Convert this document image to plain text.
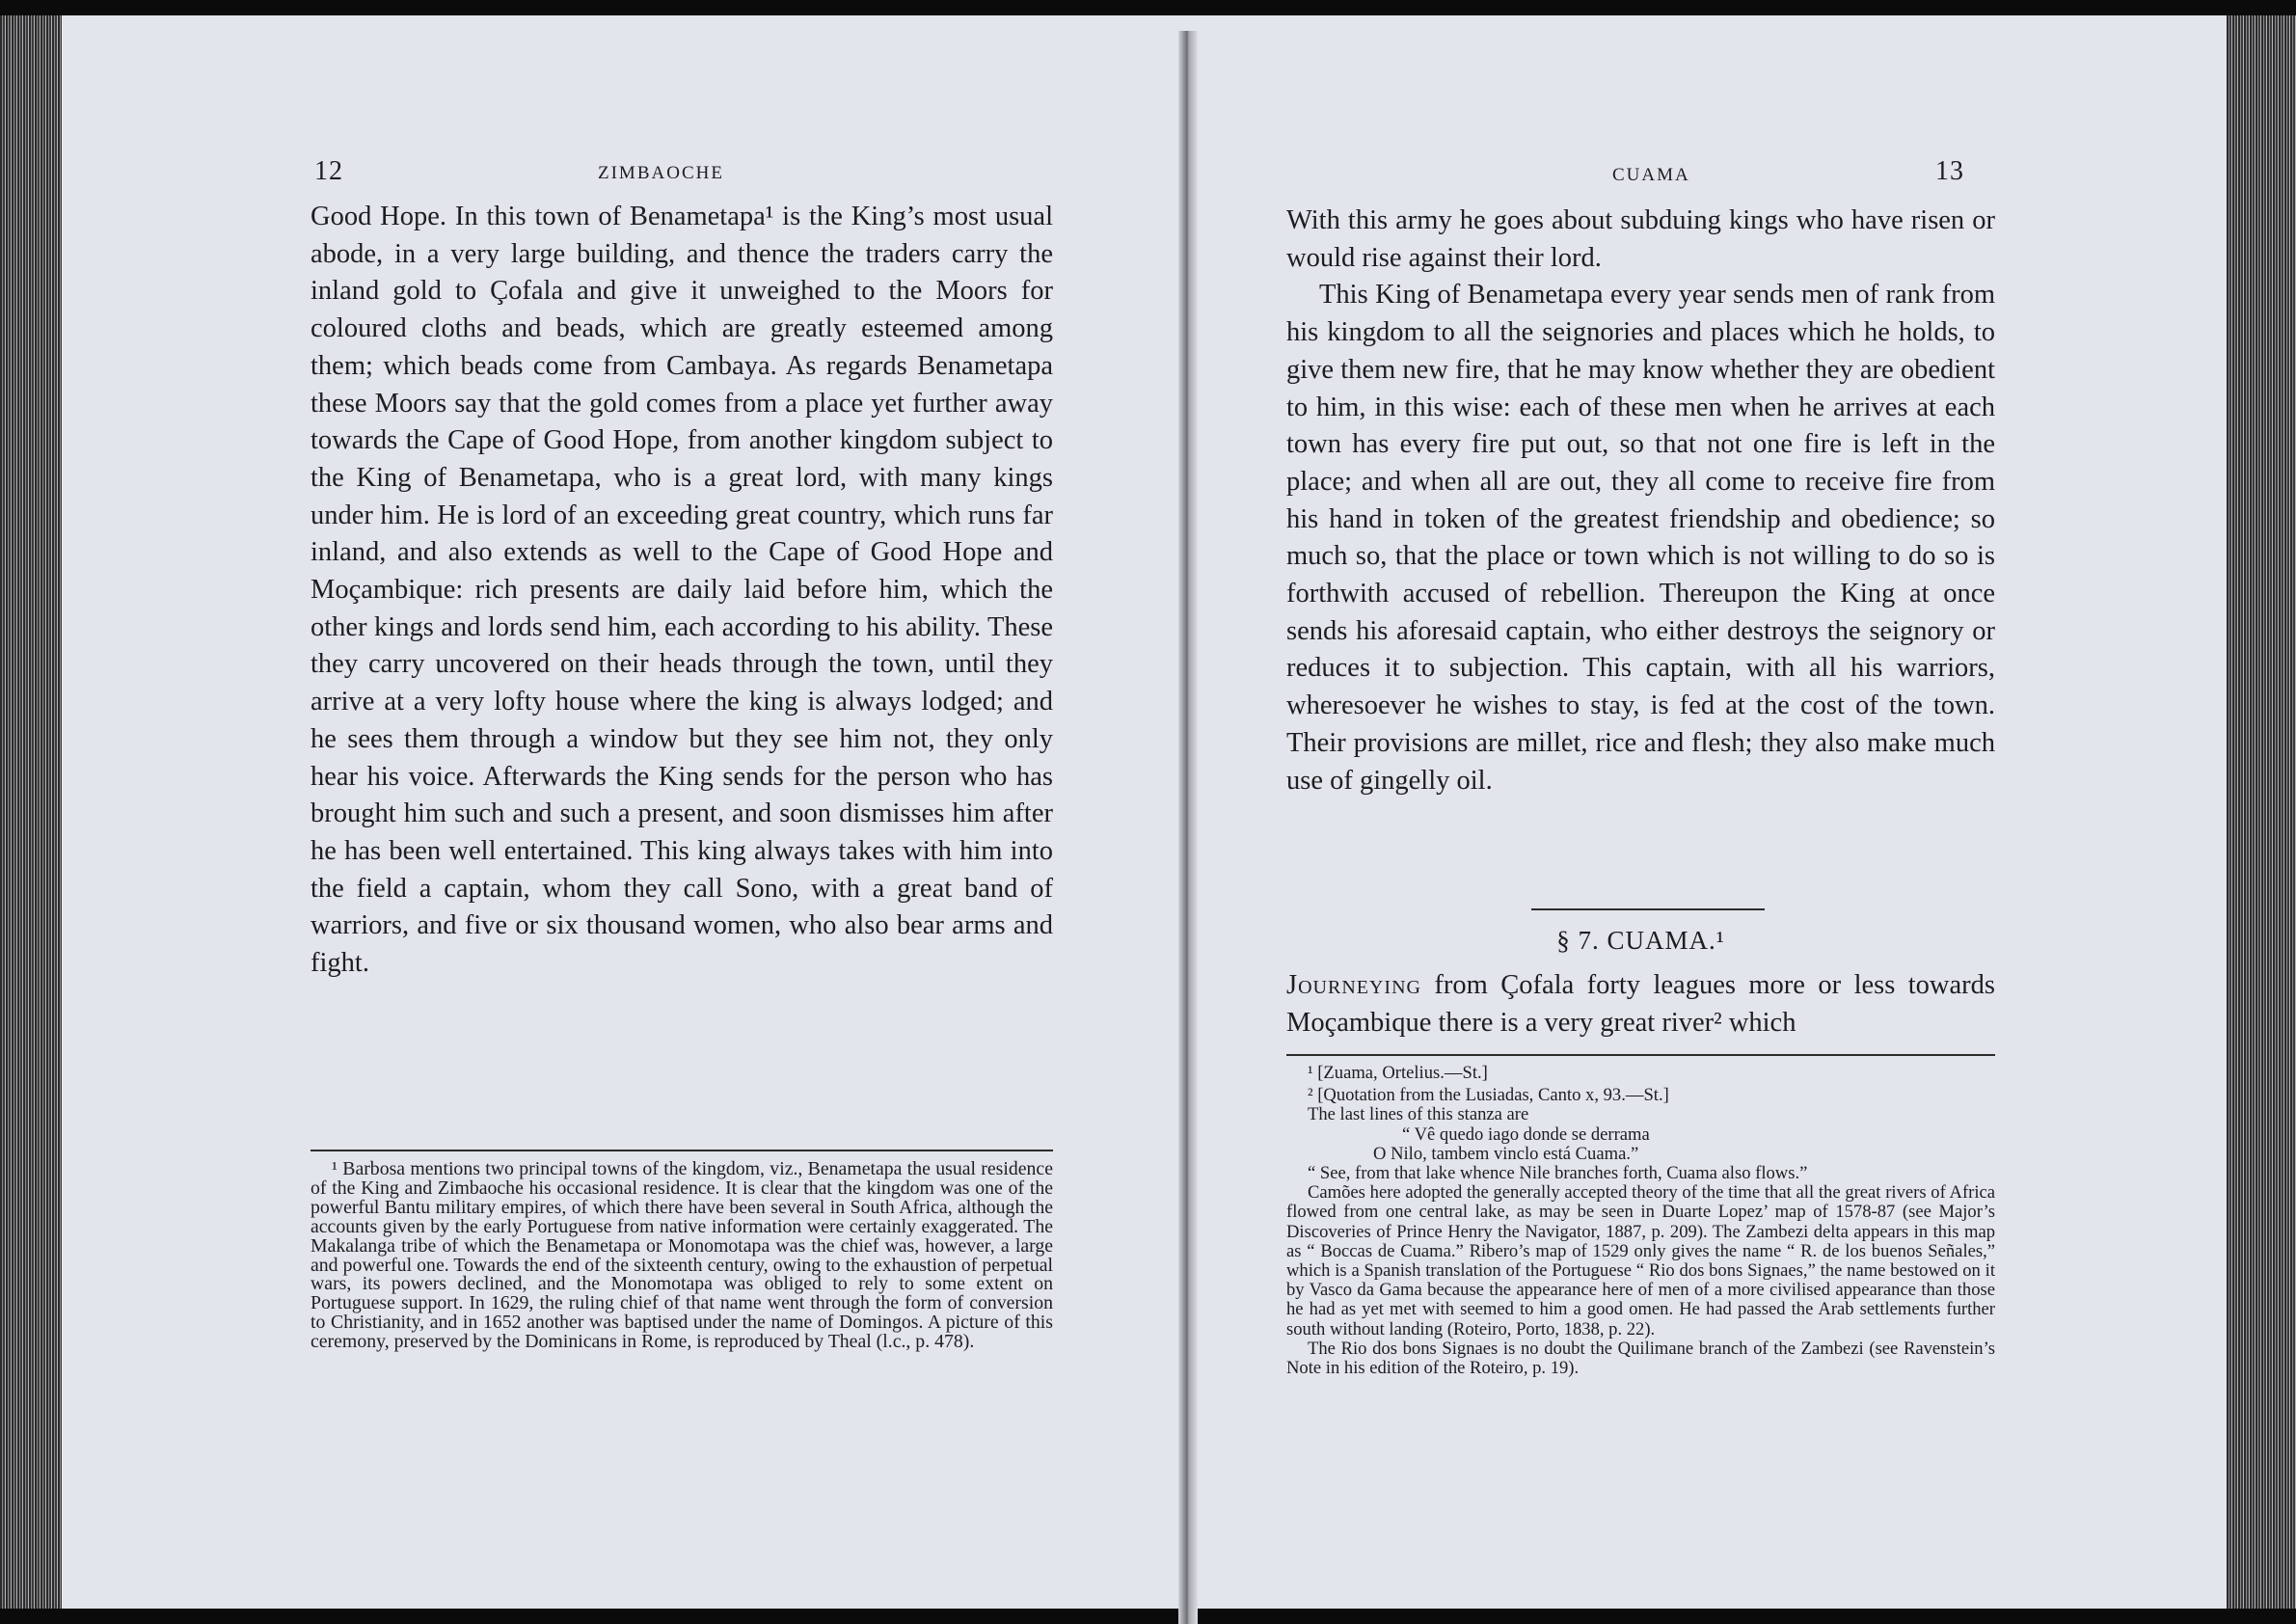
12	ZIMBAOCHE

Good Hope. In this town of Benametapa¹ is the King’s most usual abode, in a very large building, and thence the traders carry the inland gold to Çofala and give it unweighed to the Moors for coloured cloths and beads, which are greatly esteemed among them; which beads come from Cambaya. As regards Benametapa these Moors say that the gold comes from a place yet further away towards the Cape of Good Hope, from another kingdom subject to the King of Benametapa, who is a great lord, with many kings under him. He is lord of an exceeding great country, which runs far inland, and also extends as well to the Cape of Good Hope and Moçambique: rich presents are daily laid before him, which the other kings and lords send him, each according to his ability. These they carry uncovered on their heads through the town, until they arrive at a very lofty house where the king is always lodged; and he sees them through a window but they see him not, they only hear his voice. Afterwards the King sends for the person who has brought him such and such a present, and soon dismisses him after he has been well entertained. This king always takes with him into the field a captain, whom they call Sono, with a great band of warriors, and five or six thousand women, who also bear arms and fight.

¹ Barbosa mentions two principal towns of the kingdom, viz., Benametapa the usual residence of the King and Zimbaoche his occasional residence. It is clear that the kingdom was one of the powerful Bantu military empires, of which there have been several in South Africa, although the accounts given by the early Portuguese from native information were certainly exaggerated. The Makalanga tribe of which the Benametapa or Monomotapa was the chief was, however, a large and powerful one. Towards the end of the sixteenth century, owing to the exhaustion of perpetual wars, its powers declined, and the Monomotapa was obliged to rely to some extent on Portuguese support. In 1629, the ruling chief of that name went through the form of conversion to Christianity, and in 1652 another was baptised under the name of Domingos. A picture of this ceremony, preserved by the Dominicans in Rome, is reproduced by Theal (l.c., p. 478).

CUAMA	13

With this army he goes about subduing kings who have risen or would rise against their lord.

This King of Benametapa every year sends men of rank from his kingdom to all the seignories and places which he holds, to give them new fire, that he may know whether they are obedient to him, in this wise: each of these men when he arrives at each town has every fire put out, so that not one fire is left in the place; and when all are out, they all come to receive fire from his hand in token of the greatest friendship and obedience; so much so, that the place or town which is not willing to do so is forthwith accused of rebellion. Thereupon the King at once sends his aforesaid captain, who either destroys the seignory or reduces it to subjection. This captain, with all his warriors, wheresoever he wishes to stay, is fed at the cost of the town. Their provisions are millet, rice and flesh; they also make much use of gingelly oil.

§ 7. CUAMA.¹

Journeying from Çofala forty leagues more or less towards Moçambique there is a very great river² which

¹ [Zuama, Ortelius.—St.]

² [Quotation from the Lusiadas, Canto x, 93.—St.]

The last lines of this stanza are

“ Vê quedo iago donde se derrama

O Nilo, tambem vinclo está Cuama.”

“ See, from that lake whence Nile branches forth, Cuama also flows.”

Camões here adopted the generally accepted theory of the time that all the great rivers of Africa flowed from one central lake, as may be seen in Duarte Lopez’ map of 1578-87 (see Major’s Discoveries of Prince Henry the Navigator, 1887, p. 209). The Zambezi delta appears in this map as “ Boccas de Cuama.” Ribero’s map of 1529 only gives the name “ R. de los buenos Señales,” which is a Spanish translation of the Portuguese “ Rio dos bons Signaes,” the name bestowed on it by Vasco da Gama because the appearance here of men of a more civilised appearance than those he had as yet met with seemed to him a good omen. He had passed the Arab settlements further south without landing (Roteiro, Porto, 1838, p. 22).

The Rio dos bons Signaes is no doubt the Quilimane branch of the Zambezi (see Ravenstein’s Note in his edition of the Roteiro, p. 19).
